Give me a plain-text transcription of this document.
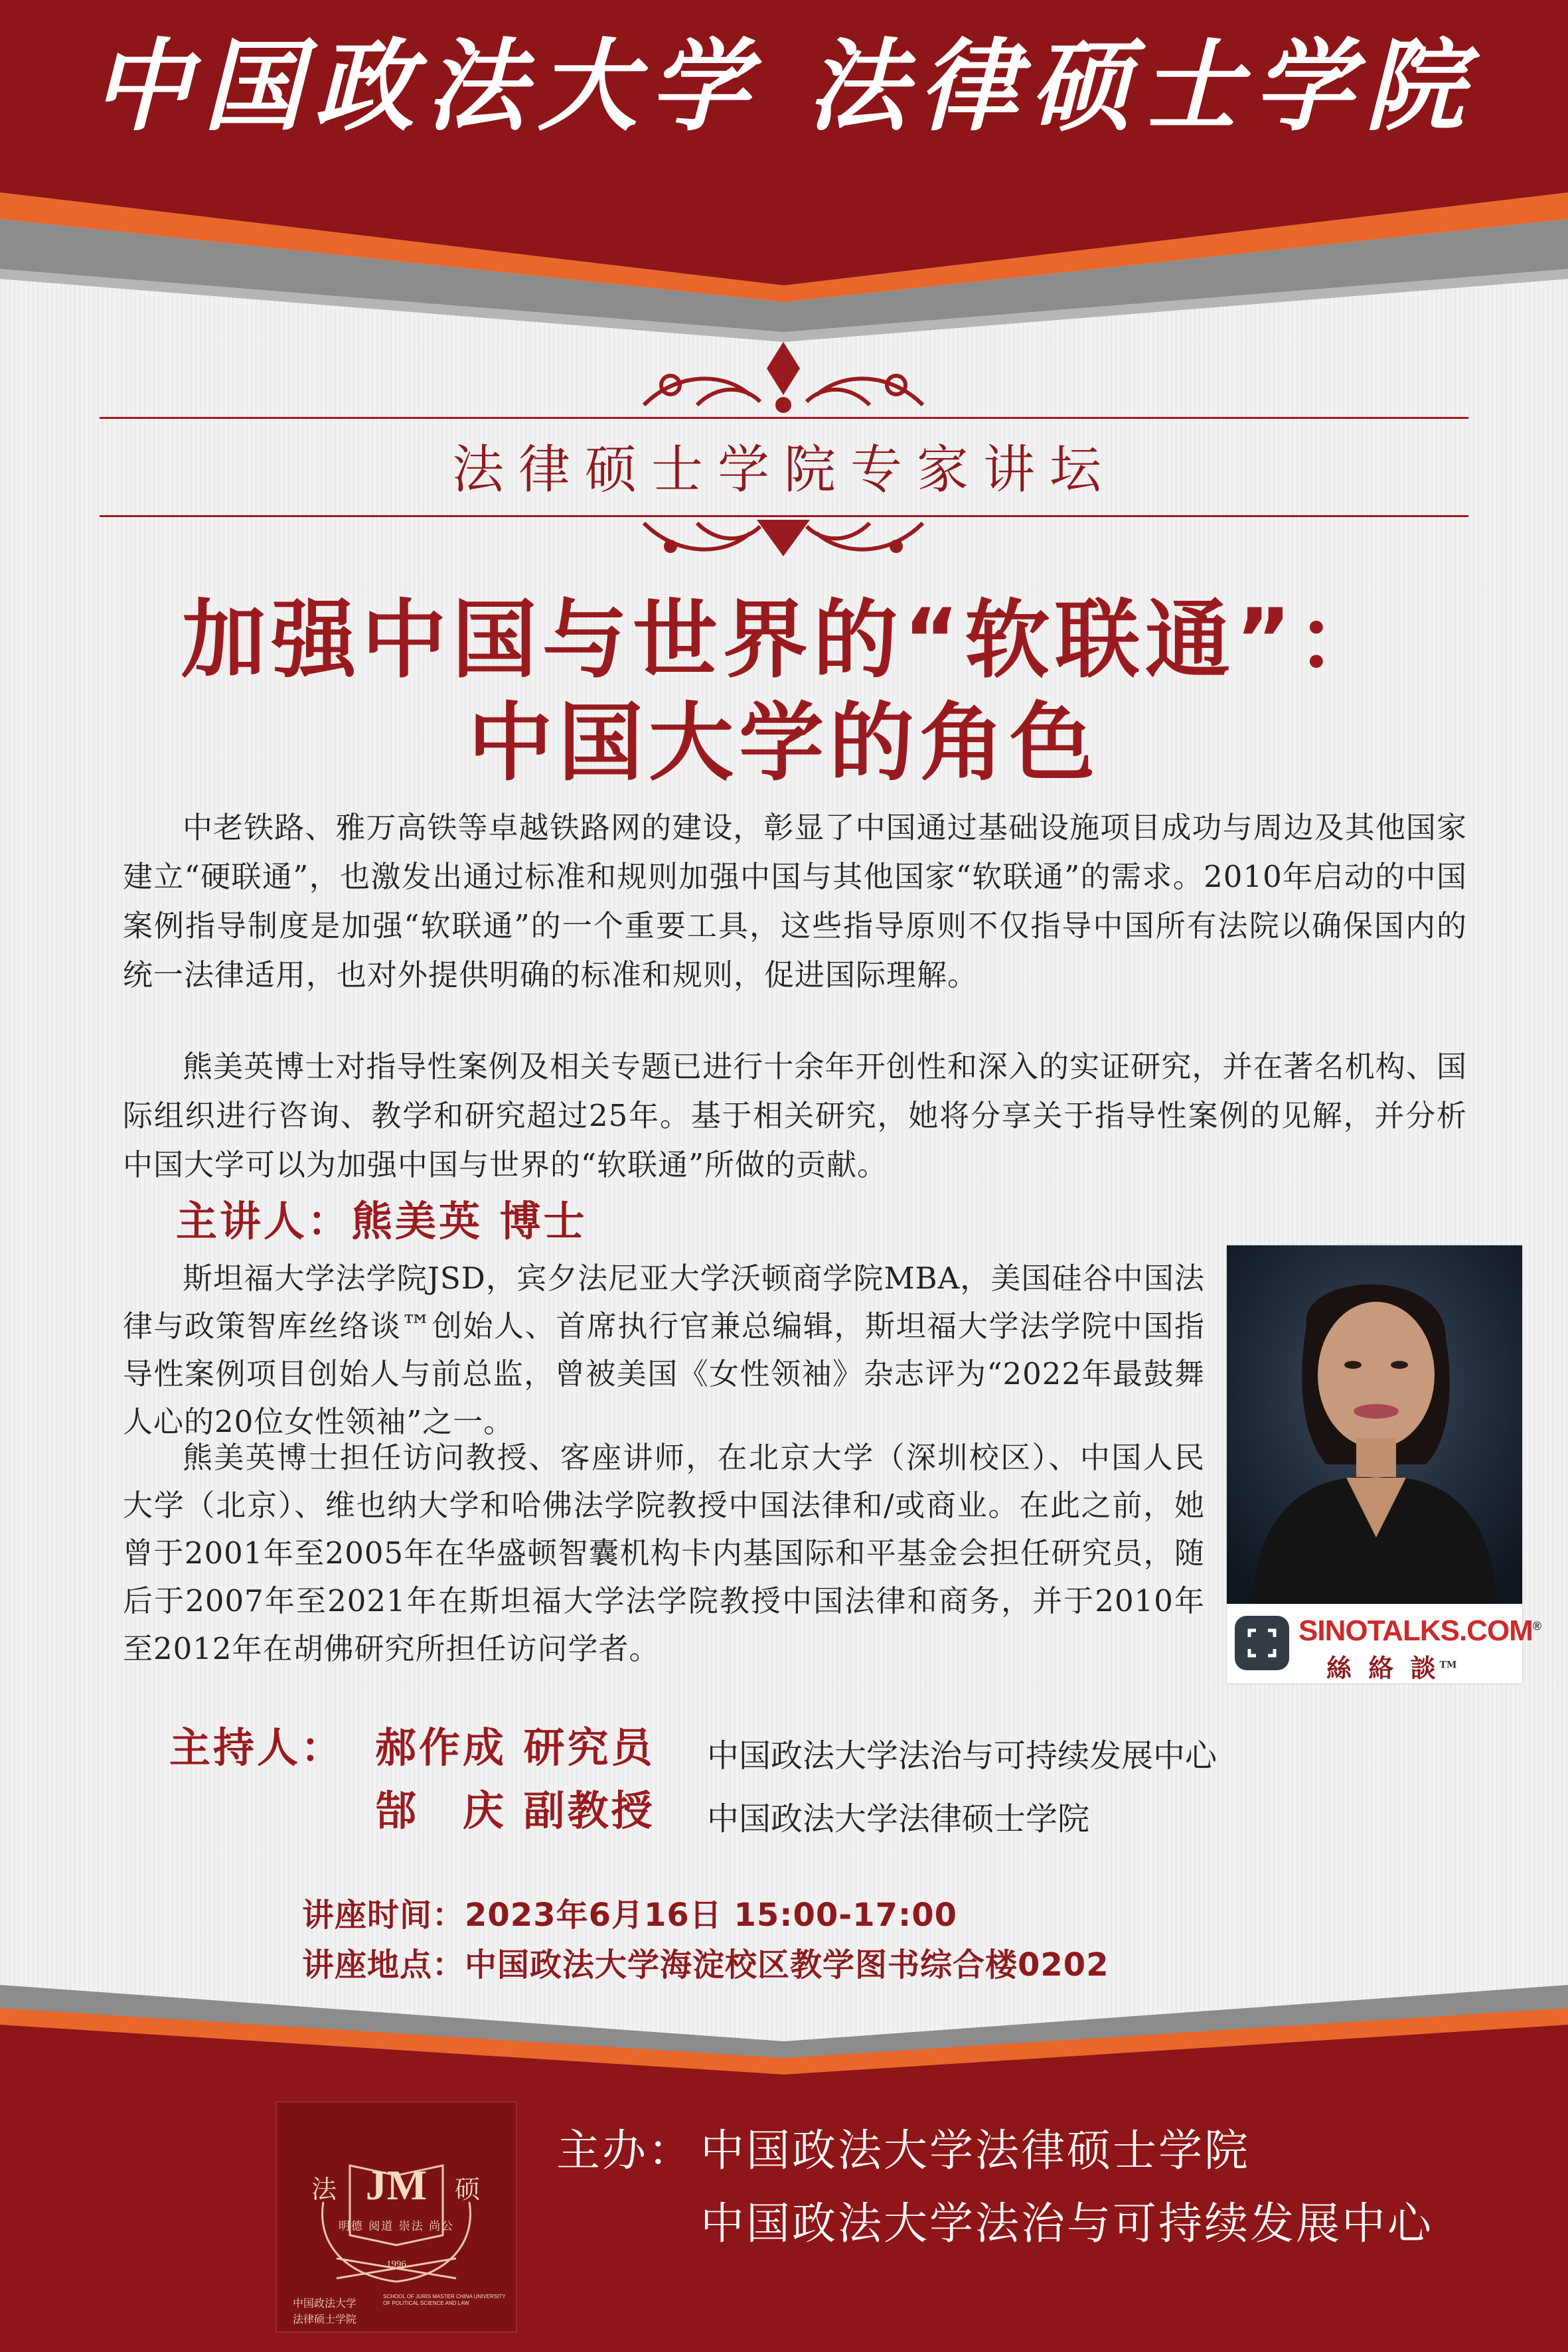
中国政法大学 法律硕士学院
法律硕士学院专家讲坛
加强中国与世界的“软联通”：
中国大学的角色
中老铁路、雅万高铁等卓越铁路网的建设，彰显了中国通过基础设施项目成功与周边及其他国家建立“硬联通”，也激发出通过标准和规则加强中国与其他国家“软联通”的需求。2010年启动的中国案例指导制度是加强“软联通”的一个重要工具，这些指导原则不仅指导中国所有法院以确保国内的统一法律适用，也对外提供明确的标准和规则，促进国际理解。
熊美英博士对指导性案例及相关专题已进行十余年开创性和深入的实证研究，并在著名机构、国际组织进行咨询、教学和研究超过25年。基于相关研究，她将分享关于指导性案例的见解，并分析中国大学可以为加强中国与世界的“软联通”所做的贡献。
主讲人：熊美英 博士
斯坦福大学法学院JSD，宾夕法尼亚大学沃顿商学院MBA，美国硅谷中国法律与政策智库丝络谈™创始人、首席执行官兼总编辑，斯坦福大学法学院中国指导性案例项目创始人与前总监，曾被美国《女性领袖》杂志评为“2022年最鼓舞人心的20位女性领袖”之一。
熊美英博士担任访问教授、客座讲师，在北京大学（深圳校区）、中国人民大学（北京）、维也纳大学和哈佛法学院教授中国法律和/或商业。在此之前，她曾于2001年至2005年在华盛顿智囊机构卡内基国际和平基金会担任研究员，随后于2007年至2021年在斯坦福大学法学院教授中国法律和商务，并于2010年至2012年在胡佛研究所担任访问学者。
SINOTALKS.COM®
絲 絡 談™
主持人： 郝作成 研究员 中国政法大学法治与可持续发展中心
郜　庆 副教授 中国政法大学法律硕士学院
讲座时间：2023年6月16日 15:00-17:00
讲座地点：中国政法大学海淀校区教学图书综合楼0202
法 JM	硕
明德 阅道 崇法 尚公
1996
中国政法大学
法律硕士学院
SCHOOL OF JURIS MASTER CHINA UNIVERSITY OF POLITICAL SCIENCE AND LAW
主办： 中国政法大学法律硕士学院
中国政法大学法治与可持续发展中心
